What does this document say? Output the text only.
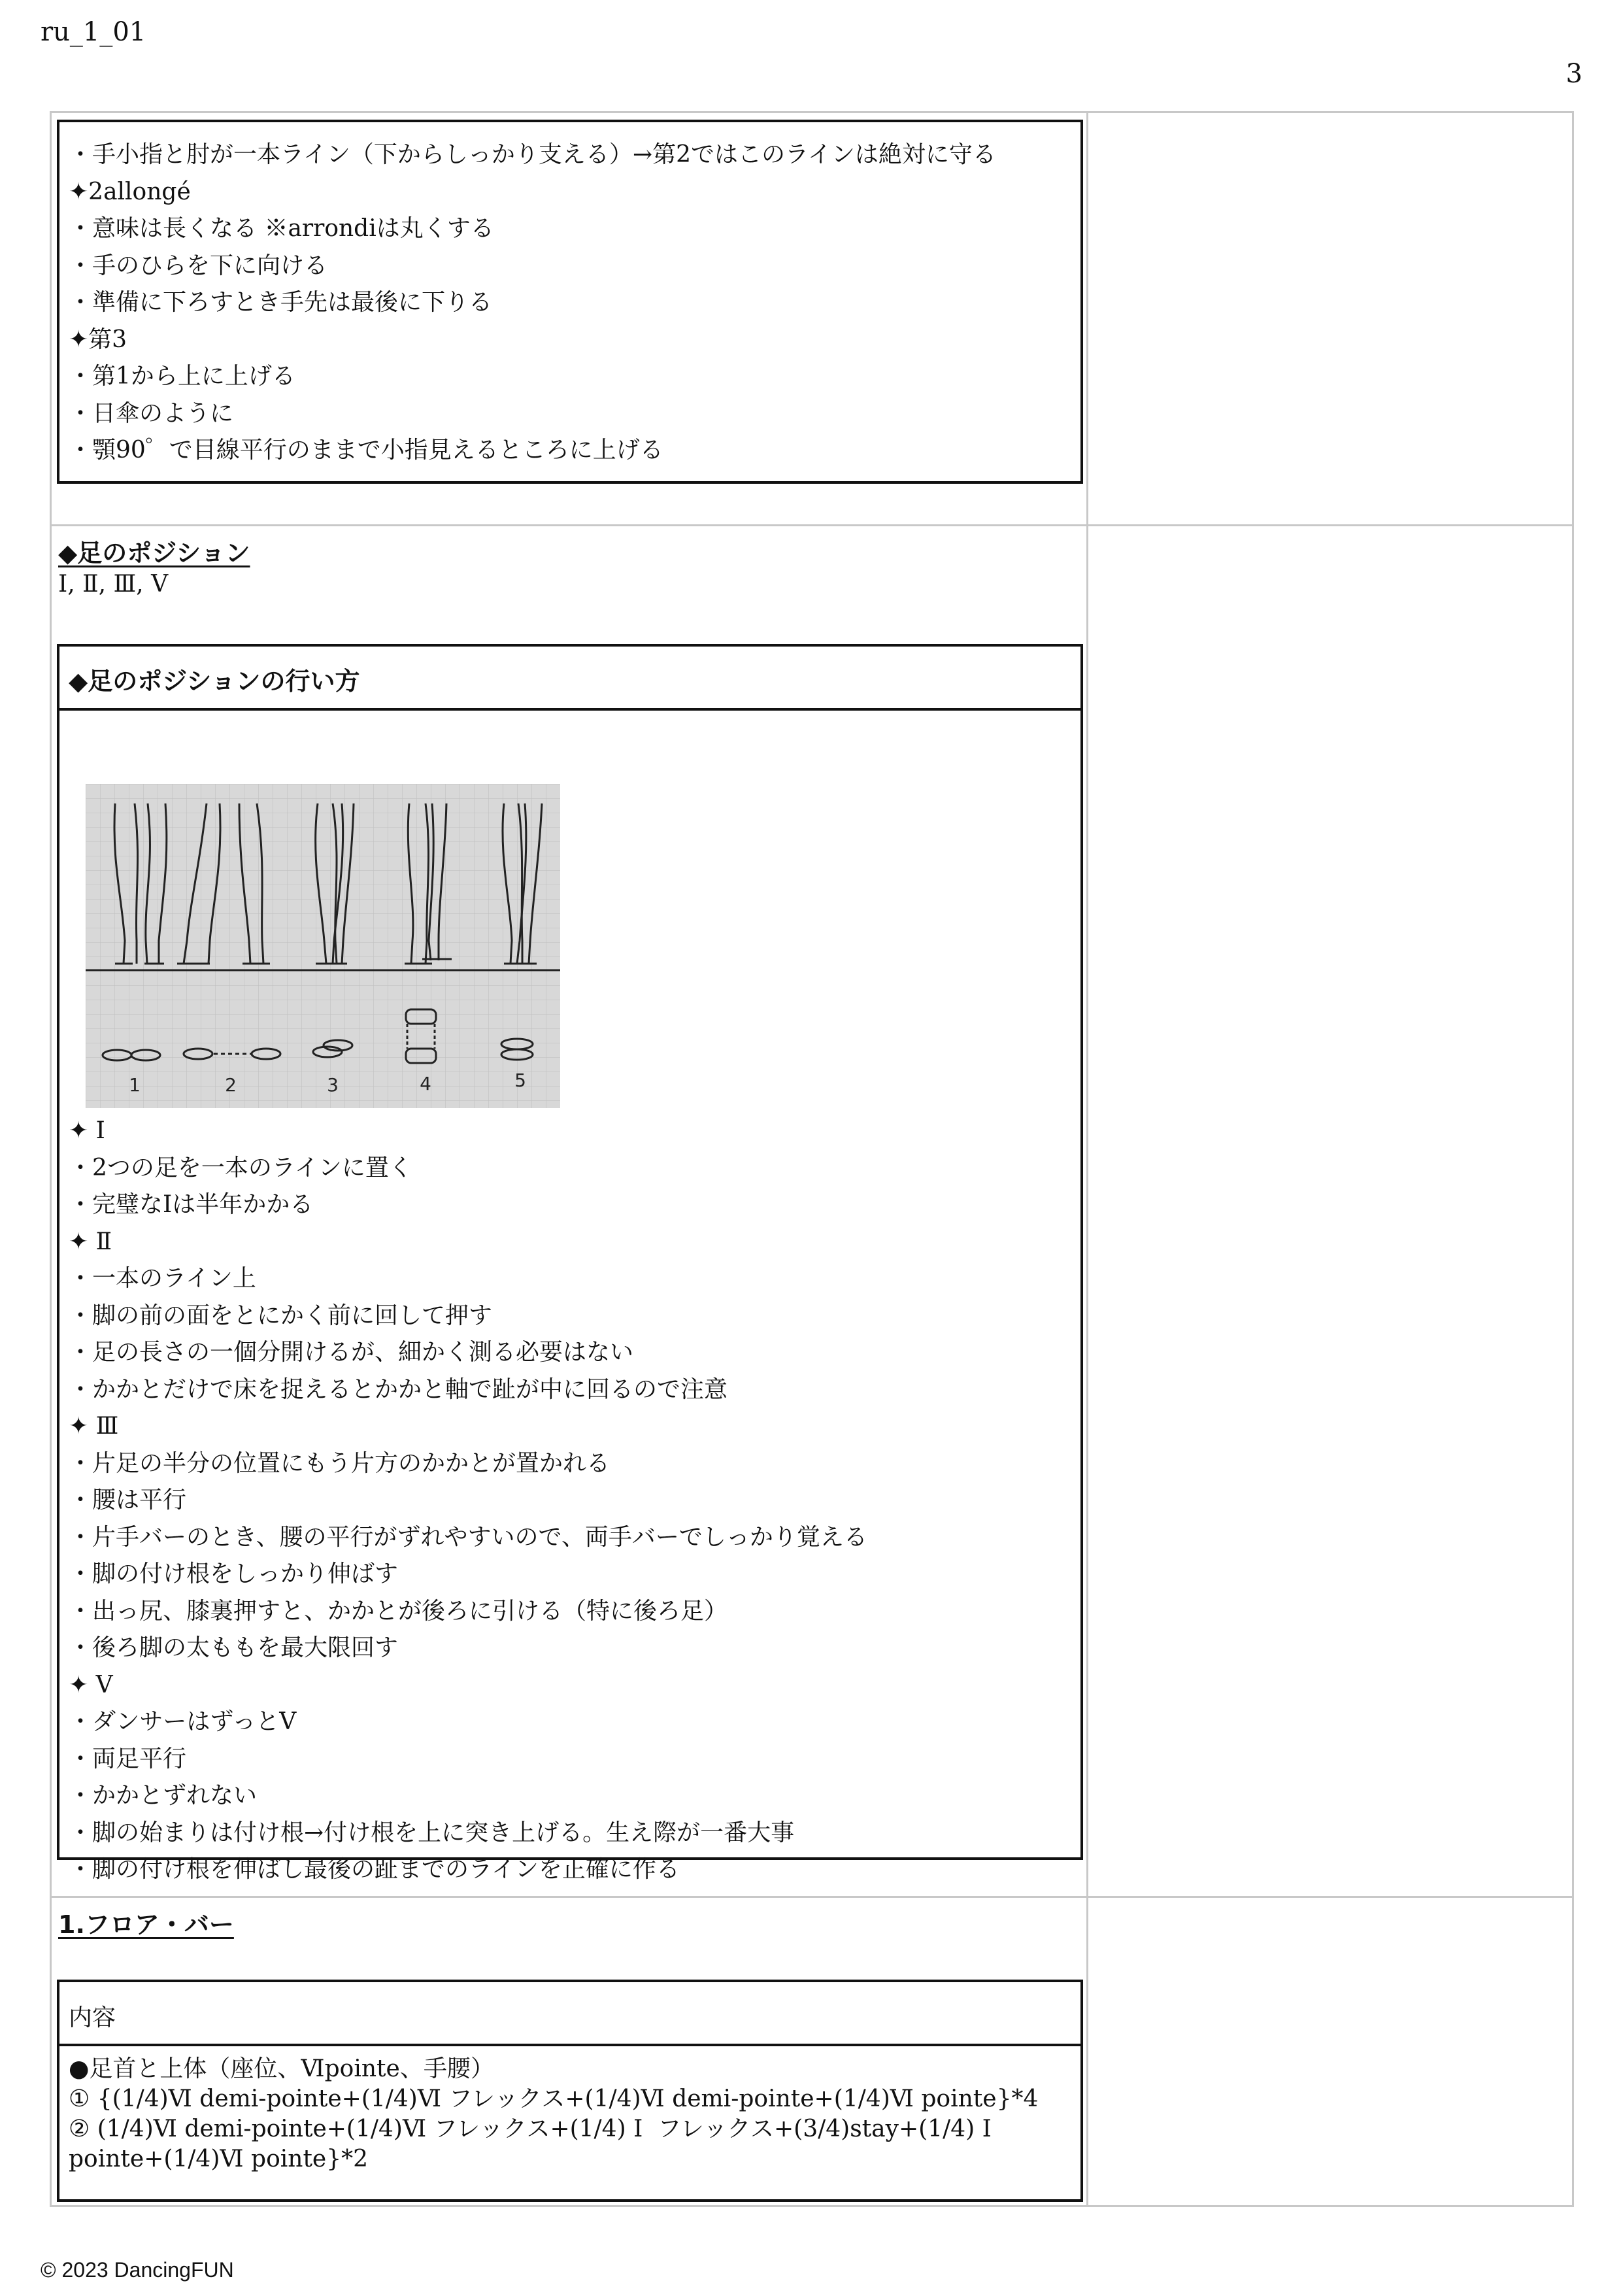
ru_1_01
3
・手小指と肘が一本ライン（下からしっかり支える）→第2ではこのラインは絶対に守る
✦2allongé
・意味は長くなる ※arrondiは丸くする
・手のひらを下に向ける
・準備に下ろすとき手先は最後に下りる
✦第3
・第1から上に上げる
・日傘のように
・顎90゜で目線平行のままで小指見えるところに上げる
◆足のポジション
Ⅰ, Ⅱ, Ⅲ, Ⅴ
◆足のポジションの行い方
1	2	3	4	5
✦ Ⅰ
・2つの足を一本のラインに置く
・完璧なⅠは半年かかる
✦ Ⅱ
・一本のライン上
・脚の前の面をとにかく前に回して押す
・足の長さの一個分開けるが、細かく測る必要はない
・かかとだけで床を捉えるとかかと軸で趾が中に回るので注意
✦ Ⅲ
・片足の半分の位置にもう片方のかかとが置かれる
・腰は平行
・片手バーのとき、腰の平行がずれやすいので、両手バーでしっかり覚える
・脚の付け根をしっかり伸ばす
・出っ尻、膝裏押すと、かかとが後ろに引ける（特に後ろ足）
・後ろ脚の太ももを最大限回す
✦ Ⅴ
・ダンサーはずっとⅤ
・両足平行
・かかとずれない
・脚の始まりは付け根→付け根を上に突き上げる。生え際が一番大事
・脚の付け根を伸ばし最後の趾までのラインを正確に作る
1.フロア・バー
内容
●足首と上体（座位、Ⅵpointe、手腰）
① {(1/4)Ⅵ demi-pointe+(1/4)Ⅵ フレックス+(1/4)Ⅵ demi-pointe+(1/4)Ⅵ pointe}*4
② (1/4)Ⅵ demi-pointe+(1/4)Ⅵ フレックス+(1/4) Ⅰ  フレックス+(3/4)stay+(1/4) Ⅰ
pointe+(1/4)Ⅵ pointe}*2
© 2023 DancingFUN
